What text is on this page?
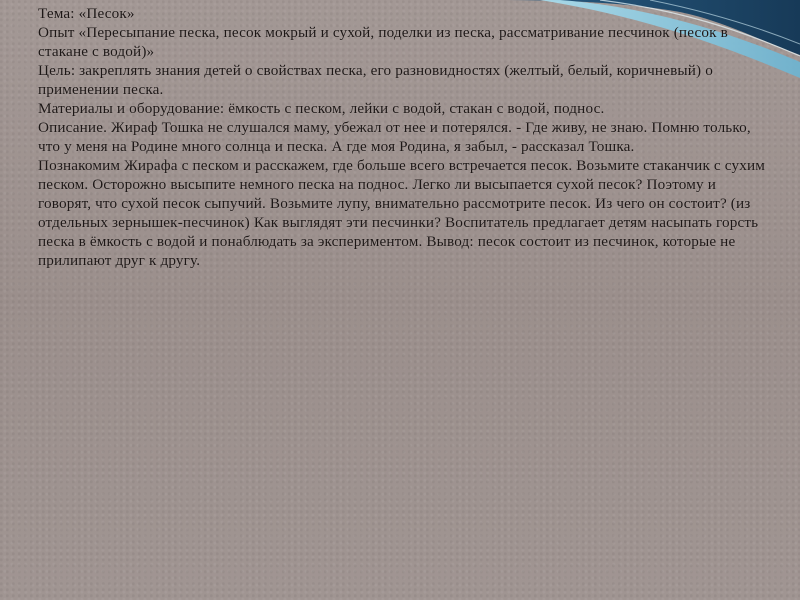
Тема: «Песок»

Опыт «Пересыпание песка, песок мокрый и сухой, поделки из песка, рассматривание песчинок (песок в стакане с водой)»

Цель: закреплять знания детей о свойствах песка, его разновидностях (желтый, белый, коричневый) о применении песка.

Материалы и оборудование: ёмкость с песком, лейки с водой, стакан с водой, поднос.

Описание. Жираф Тошка не слушался маму, убежал от нее и потерялся. - Где живу, не знаю. Помню только, что у меня на Родине много солнца и песка. А где моя Родина, я забыл, - рассказал Тошка.

Познакомим Жирафа с песком и расскажем, где больше всего встречается песок. Возьмите стаканчик с сухим песком. Осторожно высыпите немного песка на поднос. Легко ли высыпается сухой песок? Поэтому и говорят, что сухой песок сыпучий. Возьмите лупу, внимательно рассмотрите песок. Из чего он состоит? (из отдельных зернышек-песчинок) Как выглядят эти песчинки? Воспитатель предлагает детям насыпать горсть песка в ёмкость с водой и понаблюдать за экспериментом. Вывод: песок состоит из песчинок, которые не прилипают друг к другу.
